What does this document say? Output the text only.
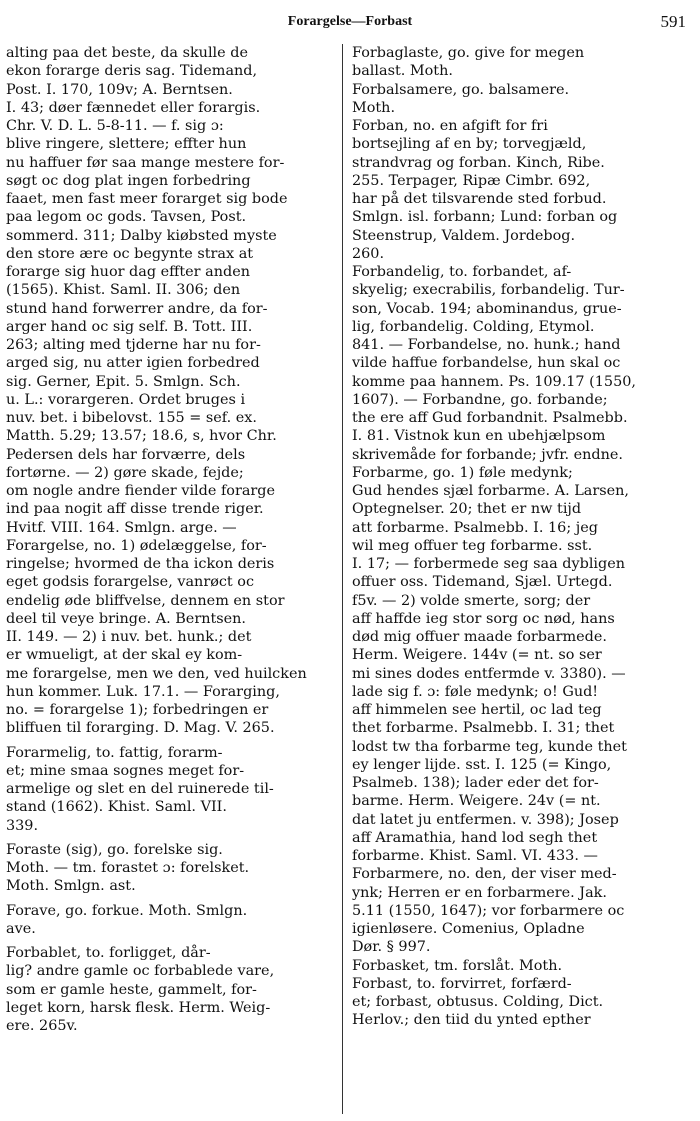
Forargelse—Forbast	591
alting paa det beste, da skulle de
ekon forarge deris sag. Tidemand,
Post. I. 170, 109v; A. Berntsen.
I. 43; døer fænnedet eller forargis.
Chr. V. D. L. 5-8-11. — f. sig ɔ:
blive ringere, slettere; effter hun
nu haffuer før saa mange mestere for-
søgt oc dog plat ingen forbedring
faaet, men fast meer forarget sig bode
paa legom oc gods. Tavsen, Post.
sommerd. 311; Dalby kiøbsted myste
den store ære oc begynte strax at
forarge sig huor dag effter anden
(1565). Khist. Saml. II. 306; den
stund hand forwerrer andre, da for-
arger hand oc sig self. B. Tott. III.
263; alting med tjderne har nu for-
arged sig, nu atter igien forbedred
sig. Gerner, Epit. 5. Smlgn. Sch.
u. L.: vorargeren. Ordet bruges i
nuv. bet. i bibelovst. 155 = sef. ex.
Matth. 5.29; 13.57; 18.6, s, hvor Chr.
Pedersen dels har forværre, dels
fortørne. — 2) gøre skade, fejde;
om nogle andre fiender vilde forarge
ind paa nogit aff disse trende riger.
Hvitf. VIII. 164. Smlgn. arge. —
Forargelse, no. 1) ødelæggelse, for-
ringelse; hvormed de tha ickon deris
eget godsis forargelse, vanrøct oc
endelig øde bliffvelse, dennem en stor
deel til veye bringe. A. Berntsen.
II. 149. — 2) i nuv. bet. hunk.; det
er wmueligt, at der skal ey kom-
me forargelse, men we den, ved huilcken
hun kommer. Luk. 17.1. — Forarging,
no. = forargelse 1); forbedringen er
bliffuen til forarging. D. Mag. V. 265.
Forarmelig, to. fattig, forarm-
et; mine smaa sognes meget for-
armelige og slet en del ruinerede til-
stand (1662). Khist. Saml. VII.
339.
Foraste (sig), go. forelske sig.
Moth. — tm. forastet ɔ: forelsket.
Moth. Smlgn. ast.
Forave, go. forkue. Moth. Smlgn.
ave.
Forbablet, to. forligget, dår-
lig? andre gamle oc forbablede vare,
som er gamle heste, gammelt, for-
leget korn, harsk flesk. Herm. Weig-
ere. 265v.
Forbaglaste, go. give for megen
ballast. Moth.
Forbalsamere, go. balsamere.
Moth.
Forban, no. en afgift for fri
bortsejling af en by; torvegjæld,
strandvrag og forban. Kinch, Ribe.
255. Terpager, Ripæ Cimbr. 692,
har på det tilsvarende sted forbud.
Smlgn. isl. forbann; Lund: forban og
Steenstrup, Valdem. Jordebog.
260.
Forbandelig, to. forbandet, af-
skyelig; execrabilis, forbandelig. Tur-
son, Vocab. 194; abominandus, grue-
lig, forbandelig. Colding, Etymol.
841. — Forbandelse, no. hunk.; hand
vilde haffue forbandelse, hun skal oc
komme paa hannem. Ps. 109.17 (1550,
1607). — Forbandne, go. forbande;
the ere aff Gud forbandnit. Psalmebb.
I. 81. Vistnok kun en ubehjælpsom
skrivemåde for forbande; jvfr. endne.
Forbarme, go. 1) føle medynk;
Gud hendes sjæl forbarme. A. Larsen,
Optegnelser. 20; thet er nw tijd
att forbarme. Psalmebb. I. 16; jeg
wil meg offuer teg forbarme. sst.
I. 17; — forbermede seg saa dybligen
offuer oss. Tidemand, Sjæl. Urtegd.
f5v. — 2) volde smerte, sorg; der
aff haffde ieg stor sorg oc nød, hans
død mig offuer maade forbarmede.
Herm. Weigere. 144v (= nt. so ser
mi sines dodes entfermde v. 3380). —
lade sig f. ɔ: føle medynk; o! Gud!
aff himmelen see hertil, oc lad teg
thet forbarme. Psalmebb. I. 31; thet
lodst tw tha forbarme teg, kunde thet
ey lenger lijde. sst. I. 125 (= Kingo,
Psalmeb. 138); lader eder det for-
barme. Herm. Weigere. 24v (= nt.
dat latet ju entfermen. v. 398); Josep
aff Aramathia, hand lod segh thet
forbarme. Khist. Saml. VI. 433. —
Forbarmere, no. den, der viser med-
ynk; Herren er en forbarmere. Jak.
5.11 (1550, 1647); vor forbarmere oc
igienløsere. Comenius, Opladne
Dør. § 997.
Forbasket, tm. forslåt. Moth.
Forbast, to. forvirret, forfærd-
et; forbast, obtusus. Colding, Dict.
Herlov.; den tiid du ynted epther
